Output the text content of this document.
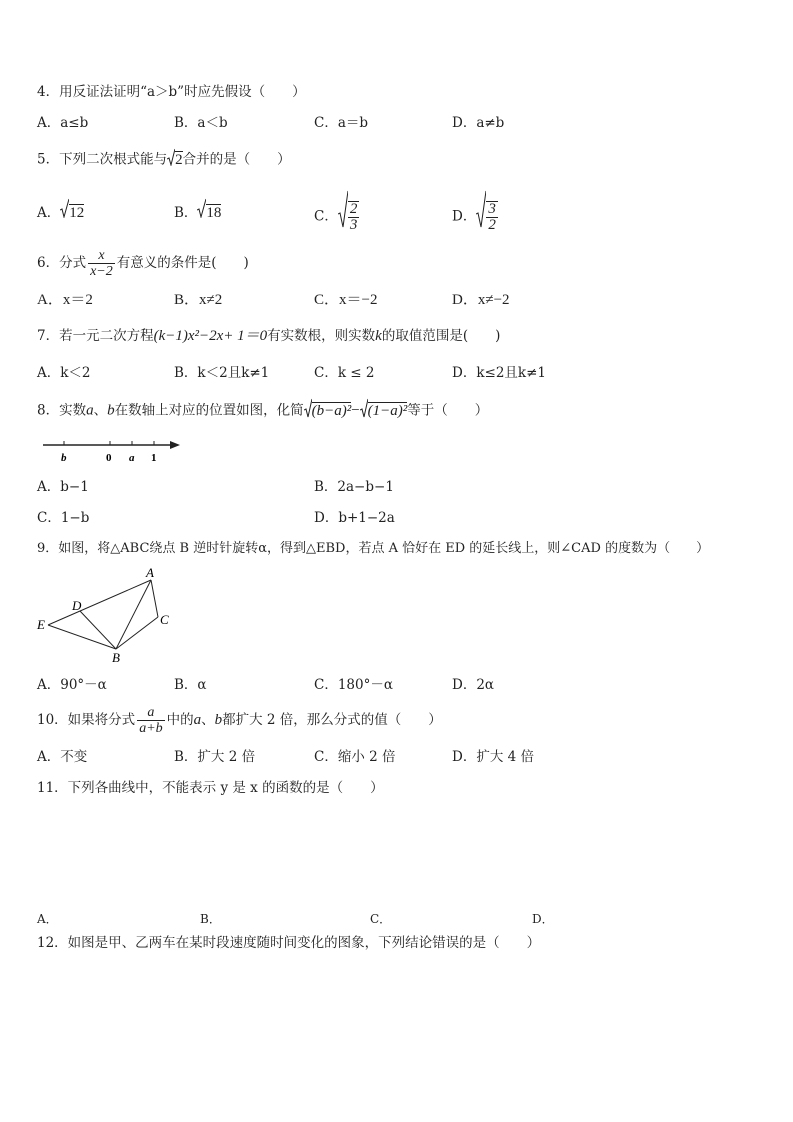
4．用反证法证明“a＞b”时应先假设（　　）
A．a≤b	B．a＜b	C．a＝b	D．a≠b
5．下列二次根式能与 2合并的是（　　）
A． 12	B． 18	C． $\frac{2}{3}$	D． $\frac{3}{2}$
6．分式 $\frac{x}{x-2}$ 有意义的条件是(　　)
A．x＝2	B．x≠2	C．x＝−2	D．x≠−2
7．若一元二次方程(k−1)x²−2x+ 1＝0有实数根，则实数k的取值范围是(　　)
A．k＜2	B．k＜2且k≠1	C．k ≤ 2	D．k≤2且k≠1
8．实数a、b在数轴上对应的位置如图，化简 (b−a)²− (1−a)²等于（　　）
b	0 a 1
A．b−1	B．2a−b−1
C．1−b	D．b+1−2a
9．如图，将△ABC绕点 B 逆时针旋转α，得到△EBD，若点 A 恰好在 ED 的延长线上，则∠CAD 的度数为（　　）
A
D
E	C
B
A．90°－α	B．α	C．180°－α	D．2α
10．如果将分式 $\frac{a}{a+b}$ 中的a、b都扩大 2 倍，那么分式的值（　　）
A．不变	B．扩大 2 倍	C．缩小 2 倍	D．扩大 4 倍
11．下列各曲线中，不能表示 y 是 x 的函数的是（　　）
A．	B．	C．	D．
12．如图是甲、乙两车在某时段速度随时间变化的图象，下列结论错误的是（　　）
